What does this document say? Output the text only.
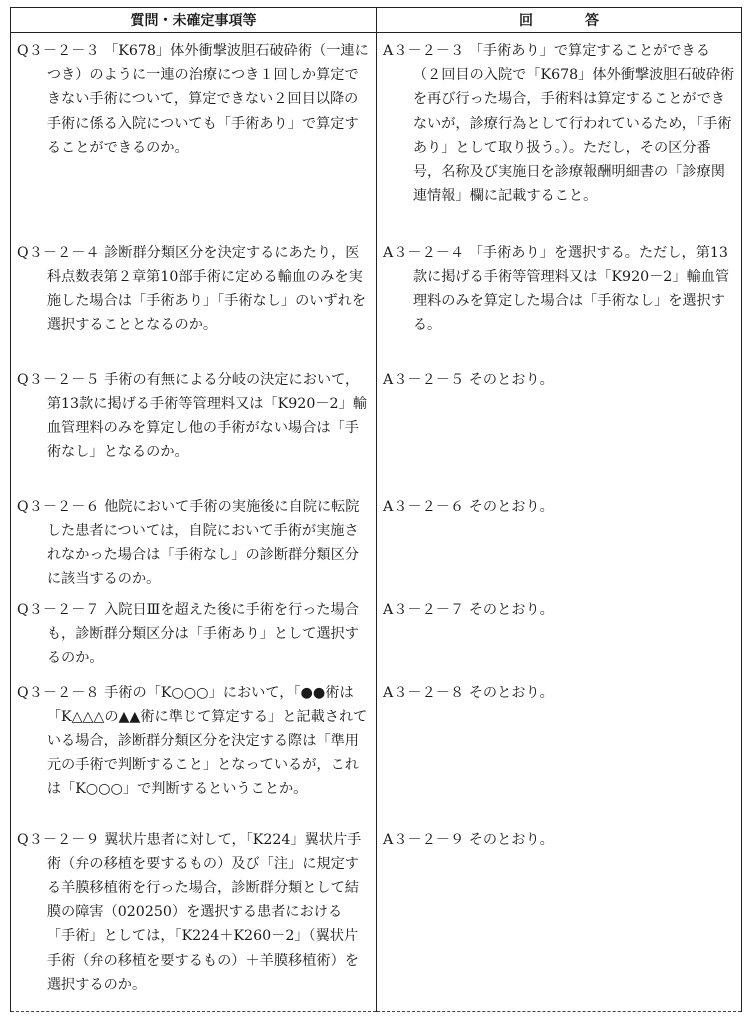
質問・未確定事項等	回 答

Q３－２－３ 「K678」体外衝撃波胆石破砕術（一連につき）のように一連の治療につき１回しか算定できない手術について，算定できない２回目以降の手術に係る入院についても「手術あり」で算定することができるのか。	A３－２－３ 「手術あり」で算定することができる（２回目の入院で「K678」体外衝撃波胆石破砕術を再び行った場合，手術料は算定することができないが，診療行為として行われているため，「手術あり」として取り扱う。）。ただし，その区分番号，名称及び実施日を診療報酬明細書の「診療関連情報」欄に記載すること。

Q３－２－４ 診断群分類区分を決定するにあたり，医科点数表第２章第10部手術に定める輸血のみを実施した場合は「手術あり」「手術なし」のいずれを選択することとなるのか。	A３－２－４ 「手術あり」を選択する。ただし，第13款に掲げる手術等管理料又は「K920－2」輸血管理料のみを算定した場合は「手術なし」を選択する。

Q３－２－５ 手術の有無による分岐の決定において，第13款に掲げる手術等管理料又は「K920－2」輸血管理料のみを算定し他の手術がない場合は「手術なし」となるのか。	A３－２－５ そのとおり。

Q３－２－６ 他院において手術の実施後に自院に転院した患者については，自院において手術が実施されなかった場合は「手術なし」の診断群分類区分に該当するのか。	A３－２－６ そのとおり。

Q３－２－７ 入院日Ⅲを超えた後に手術を行った場合も，診断群分類区分は「手術あり」として選択するのか。	A３－２－７ そのとおり。

Q３－２－８ 手術の「K○○○」において，「●●術は「K△△△の▲▲術に準じて算定する」と記載されている場合，診断群分類区分を決定する際は「準用元の手術で判断すること」となっているが，これは「K○○○」で判断するということか。	A３－２－８ そのとおり。

Q３－２－９ 翼状片患者に対して，「K224」翼状片手術（弁の移植を要するもの）及び「注」に規定する羊膜移植術を行った場合，診断群分類として結膜の障害（020250）を選択する患者における「手術」としては，「K224＋K260－2」（翼状片手術（弁の移植を要するもの）＋羊膜移植術）を選択するのか。	A３－２－９ そのとおり。
